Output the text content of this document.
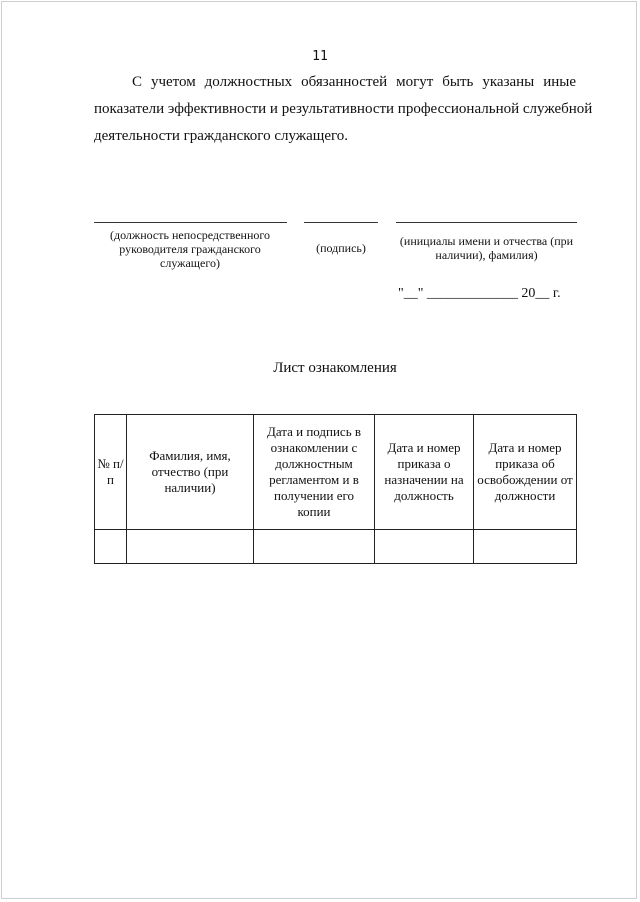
11
С учетом должностных обязанностей могут быть указаны иные
показатели эффективности и результативности профессиональной служебной
деятельности гражданского служащего.
(должность непосредственного руководителя гражданского служащего)
(подпись)	(инициалы имени и отчества (при наличии), фамилия)
"__" _____________ 20__ г.
Лист ознакомления
№ п/п	Фамилия, имя, отчество (при наличии)	Дата и подпись в ознакомлении с должностным регламентом и в получении его копии	Дата и номер приказа о назначении на должность	Дата и номер приказа об освобождении от должности
